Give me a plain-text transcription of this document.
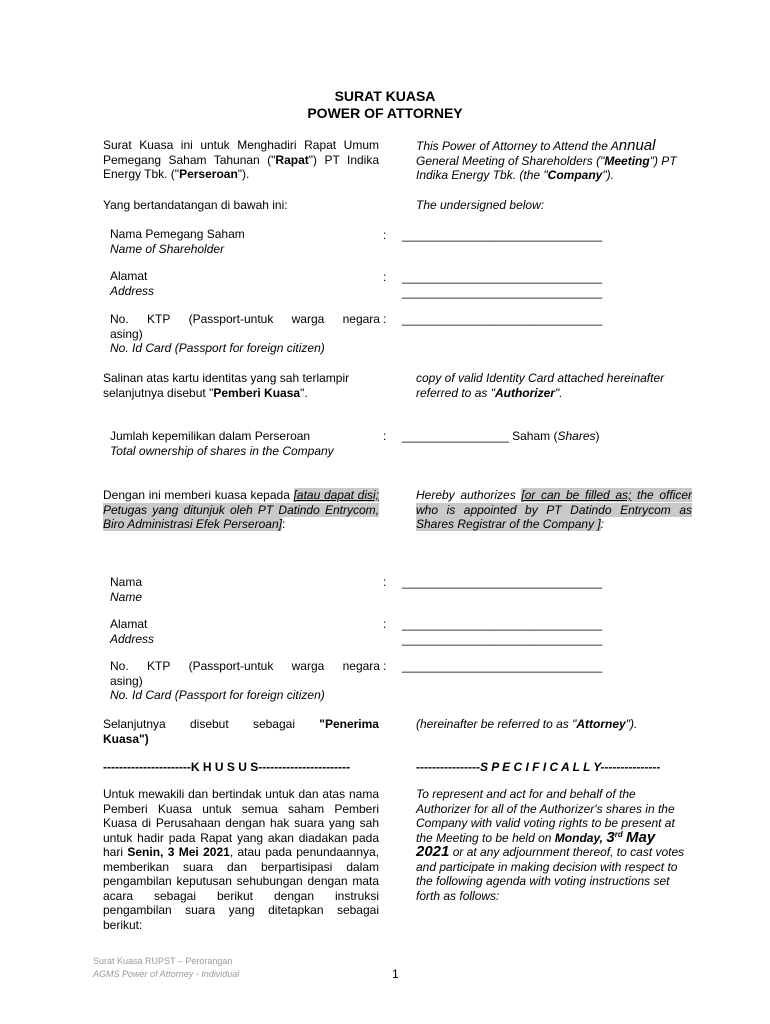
SURAT KUASA
POWER OF ATTORNEY
Surat Kuasa ini untuk Menghadiri Rapat Umum Pemegang Saham Tahunan ("Rapat") PT Indika Energy Tbk. ("Perseroan").
This Power of Attorney to Attend the Annual General Meeting of Shareholders ("Meeting") PT Indika Energy Tbk. (the "Company").
Yang bertandatangan di bawah ini:	The undersigned below:
Nama Pemegang Saham
Name of Shareholder
:	______________________________
Alamat
Address
:	______________________________
______________________________
No. KTP (Passport-untuk warga negara
asing)
No. Id Card (Passport for foreign citizen)
:	______________________________
Salinan atas kartu identitas yang sah terlampir selanjutnya disebut "Pemberi Kuasa".
copy of valid Identity Card attached hereinafter referred to as "Authorizer".
Jumlah kepemilikan dalam Perseroan
Total ownership of shares in the Company
:	________________ Saham (Shares)
Dengan ini memberi kuasa kepada [atau dapat disi; Petugas yang ditunjuk oleh PT Datindo Entrycom, Biro Administrasi Efek Perseroan]:
Hereby authorizes [or can be filled as; the officer who is appointed by PT Datindo Entrycom as Shares Registrar of the Company ]:
Nama
Name
:	______________________________
Alamat
Address
:	______________________________
______________________________
No. KTP (Passport-untuk warga negara
asing)
No. Id Card (Passport for foreign citizen)
:	______________________________
Selanjutnya disebut sebagai "Penerima
Kuasa")
(hereinafter be referred to as "Attorney").
----------------------K H U S U S-----------------------	----------------S P E C I F I C A L L Y---------------
Untuk mewakili dan bertindak untuk dan atas nama Pemberi Kuasa untuk semua saham Pemberi Kuasa di Perusahaan dengan hak suara yang sah untuk hadir pada Rapat yang akan diadakan pada hari Senin, 3 Mei 2021, atau pada penundaannya, memberikan suara dan berpartisipasi dalam pengambilan keputusan sehubungan dengan mata acara sebagai berikut dengan instruksi pengambilan suara yang ditetapkan sebagai berikut:
To represent and act for and behalf of the Authorizer for all of the Authorizer's shares in the Company with valid voting rights to be present at the Meeting to be held on Monday, 3rd May 2021 or at any adjournment thereof, to cast votes and participate in making decision with respect to the following agenda with voting instructions set forth as follows:
Surat Kuasa RUPST – Perorangan
AGMS Power of Attorney - Individual	1
